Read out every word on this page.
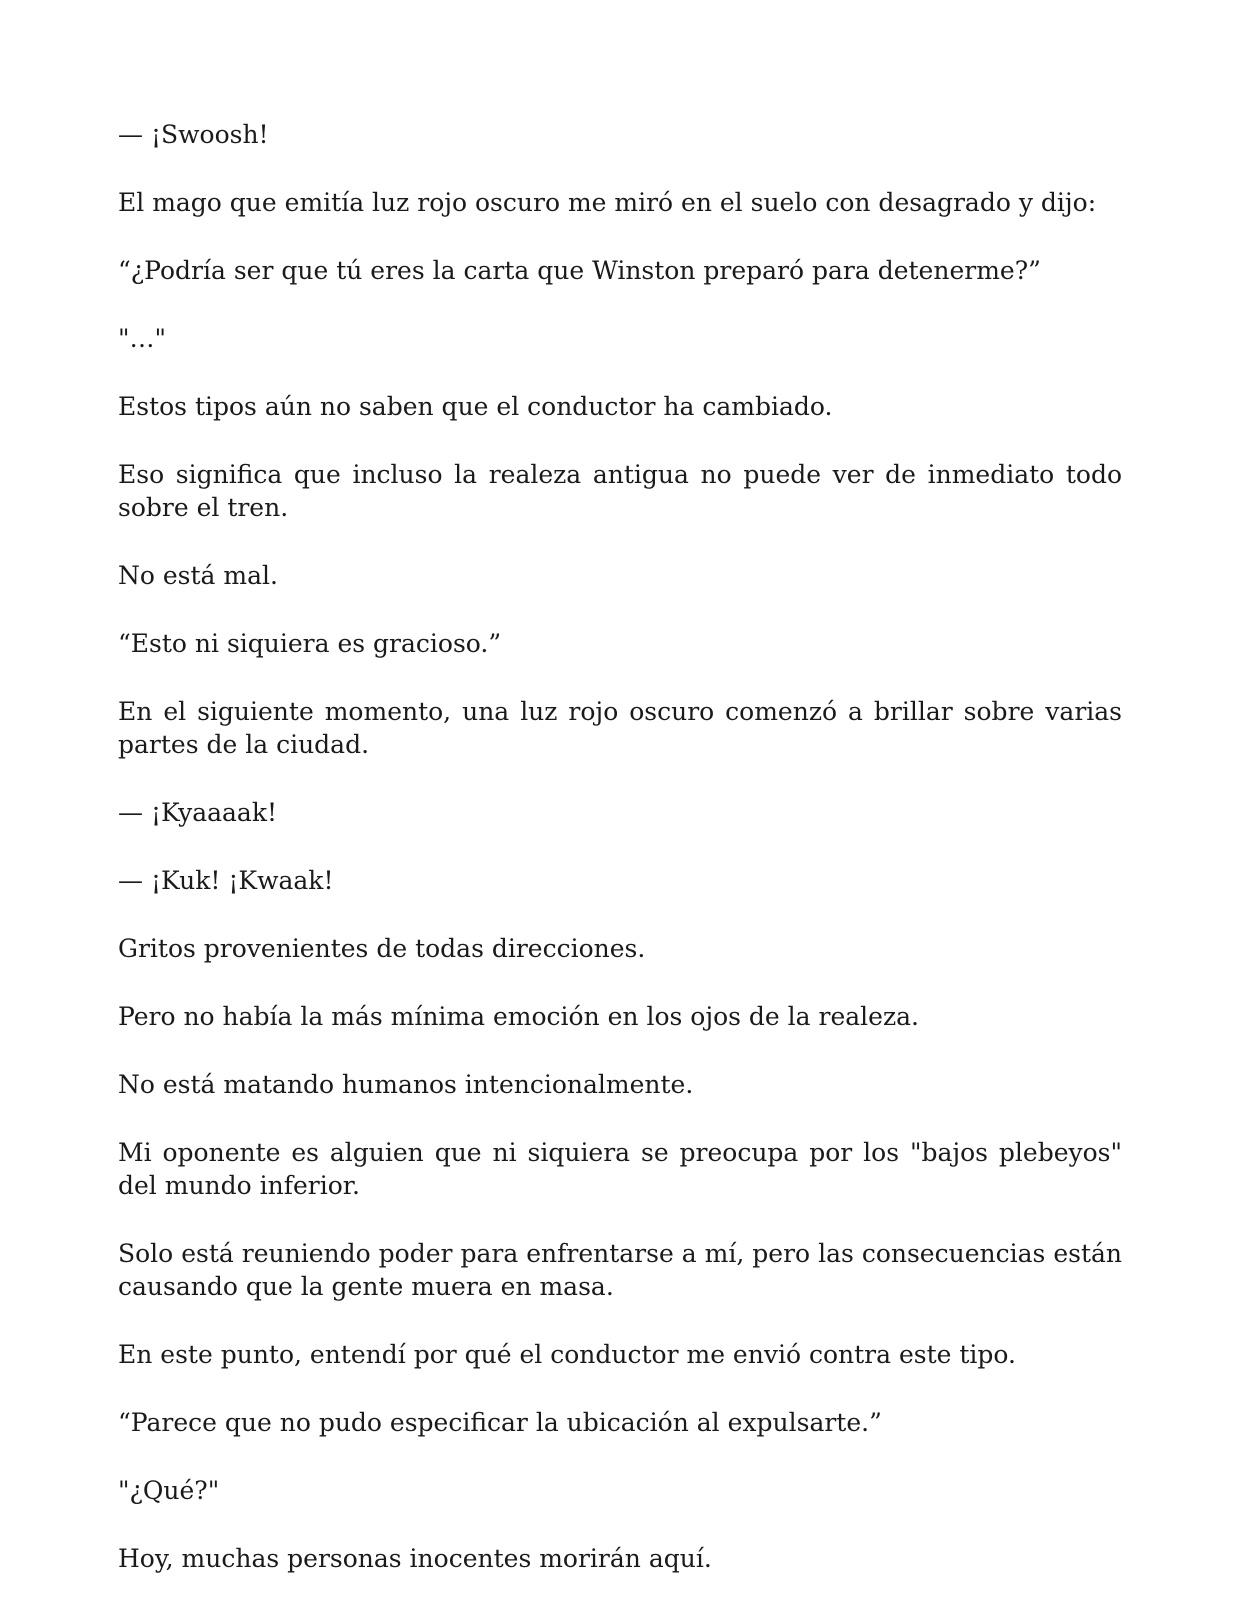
— ¡Swoosh!

El mago que emitía luz rojo oscuro me miró en el suelo con desagrado y dijo:

“¿Podría ser que tú eres la carta que Winston preparó para detenerme?”

"…"

Estos tipos aún no saben que el conductor ha cambiado.

Eso significa que incluso la realeza antigua no puede ver de inmediato todo sobre el tren.

No está mal.

“Esto ni siquiera es gracioso.”

En el siguiente momento, una luz rojo oscuro comenzó a brillar sobre varias partes de la ciudad.

— ¡Kyaaaak!

— ¡Kuk! ¡Kwaak!

Gritos provenientes de todas direcciones.

Pero no había la más mínima emoción en los ojos de la realeza.

No está matando humanos intencionalmente.

Mi oponente es alguien que ni siquiera se preocupa por los "bajos plebeyos" del mundo inferior.

Solo está reuniendo poder para enfrentarse a mí, pero las consecuencias están causando que la gente muera en masa.

En este punto, entendí por qué el conductor me envió contra este tipo.

“Parece que no pudo especificar la ubicación al expulsarte.”

"¿Qué?"

Hoy, muchas personas inocentes morirán aquí.
